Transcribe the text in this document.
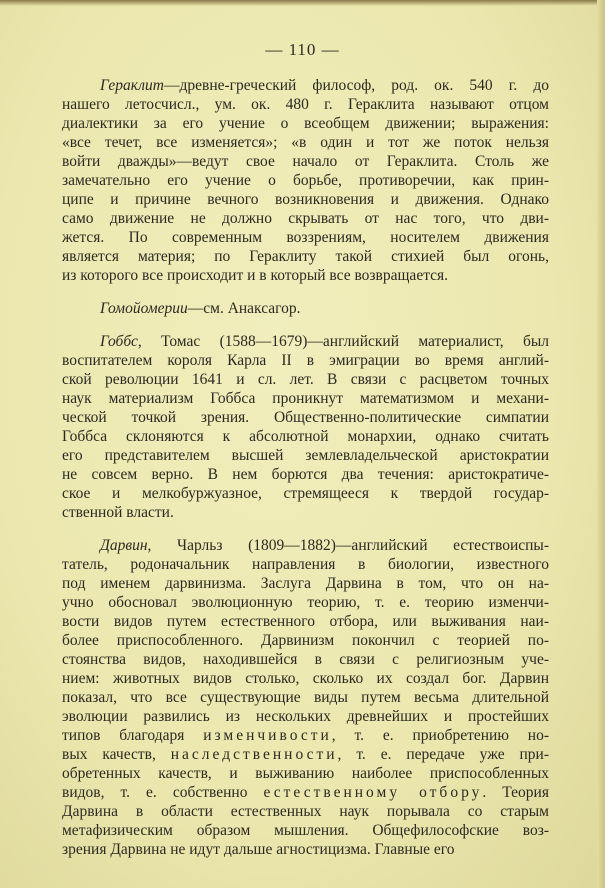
— 110 —
Гераклит—древне-греческий философ, род. ок. 540 г. до
нашего летосчисл., ум. ок. 480 г. Гераклита называют отцом
диалектики за его учение о всеобщем движении; выражения:
«все течет, все изменяется»; «в один и тот же поток нельзя
войти дважды»—ведут свое начало от Гераклита. Столь же
замечательно его учение о борьбе, противоречии, как прин-
ципе и причине вечного возникновения и движения. Однако
само движение не должно скрывать от нас того, что дви-
жется. По современным воззрениям, носителем движения
является материя; по Гераклиту такой стихией был огонь,
из которого все происходит и в который все возвращается.
Гомойомерии—см. Анаксагор.
Гоббс, Томас (1588—1679)—английский материалист, был
воспитателем короля Карла II в эмиграции во время англий-
ской революции 1641 и сл. лет. В связи с расцветом точных
наук материализм Гоббса проникнут математизмом и механи-
ческой точкой зрения. Общественно-политические симпатии
Гоббса склоняются к абсолютной монархии, однако считать
его представителем высшей землевладельческой аристократии
не совсем верно. В нем борются два течения: аристократиче-
ское и мелкобуржуазное, стремящееся к твердой государ-
ственной власти.
Дарвин, Чарльз (1809—1882)—английский естествоиспы-
татель, родоначальник направления в биологии, известного
под именем дарвинизма. Заслуга Дарвина в том, что он на-
учно обосновал эволюционную теорию, т. е. теорию изменчи-
вости видов путем естественного отбора, или выживания наи-
более приспособленного. Дарвинизм покончил с теорией по-
стоянства видов, находившейся в связи с религиозным уче-
нием: животных видов столько, сколько их создал бог. Дарвин
показал, что все существующие виды путем весьма длительной
эволюции развились из нескольких древнейших и простейших
типов благодаря изменчивости, т. е. приобретению но-
вых качеств, наследственности, т. е. передаче уже при-
обретенных качеств, и выживанию наиболее приспособленных
видов, т. е. собственно естественному отбору. Теория
Дарвина в области естественных наук порывала со старым
метафизическим образом мышления. Общефилософские воз-
зрения Дарвина не идут дальше агностицизма. Главные его
